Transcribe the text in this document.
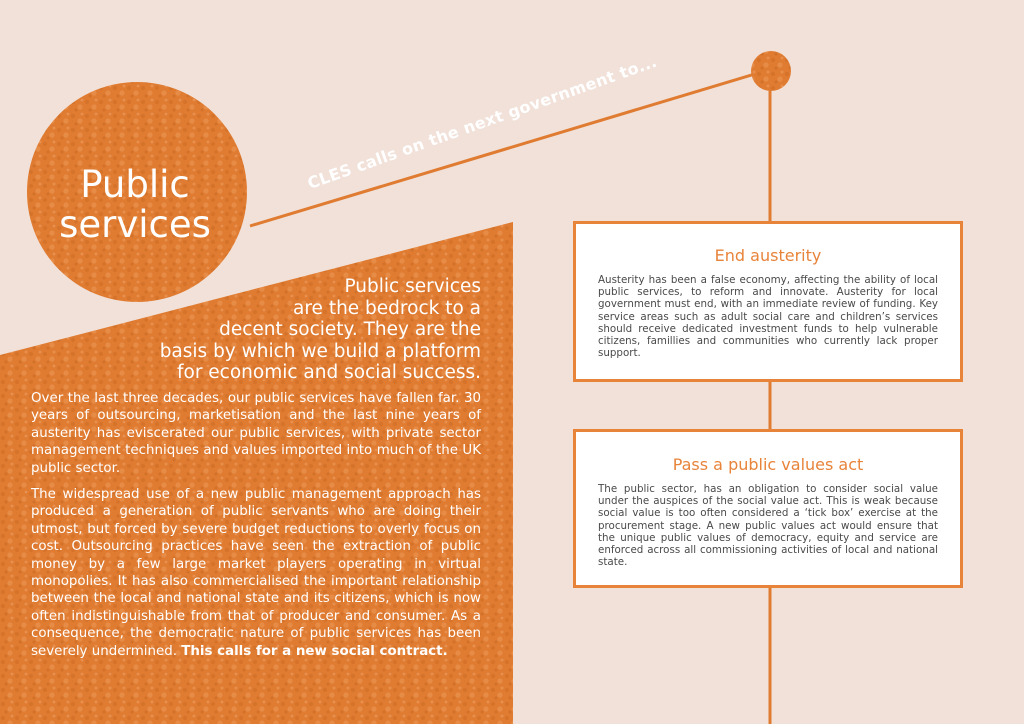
Public
services
CLES calls on the next government to...
Public services
are the bedrock to a
decent society. They are the
basis by which we build a platform
for economic and social success.

Over the last three decades, our public services have fallen far. 30 years of outsourcing, marketisation and the last nine years of austerity has eviscerated our public services, with private sector management techniques and values imported into much of the UK public sector.

The widespread use of a new public management approach has produced a generation of public servants who are doing their utmost, but forced by severe budget reductions to overly focus on cost. Outsourcing practices have seen the extraction of public money by a few large market players operating in virtual monopolies. It has also commercialised the important relationship between the local and national state and its citizens, which is now often indistinguishable from that of producer and consumer. As a consequence, the democratic nature of public services has been severely undermined. This calls for a new social contract.

End austerity

Austerity has been a false economy, affecting the ability of local public services, to reform and innovate. Austerity for local government must end, with an immediate review of funding. Key service areas such as adult social care and children’s services should receive dedicated investment funds to help vulnerable citizens, famillies and communities who currently lack proper support.

Pass a public values act

The public sector, has an obligation to consider social value under the auspices of the social value act. This is weak because social value is too often considered a ‘tick box’ exercise at the procurement stage. A new public values act would ensure that the unique public values of democracy, equity and service are enforced across all commissioning activities of local and national state.
